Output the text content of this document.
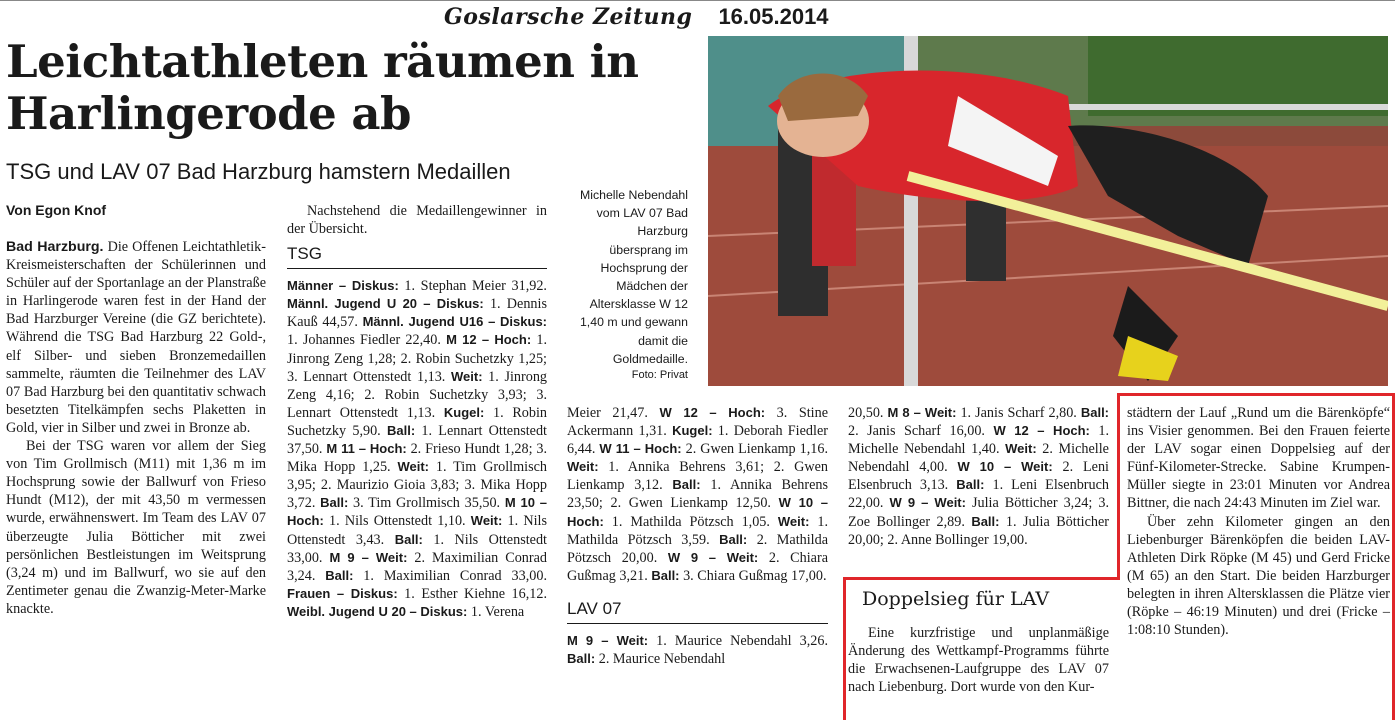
Goslarsche Zeitung 16.05.2014
Leichtathleten räumen in Harlingerode ab
TSG und LAV 07 Bad Harzburg hamstern Medaillen
Von Egon Knof

Bad Harzburg. Die Offenen Leichtathletik-Kreismeisterschaften der Schülerinnen und Schüler auf der Sportanlage an der Planstraße in Harlingerode waren fest in der Hand der Bad Harzburger Vereine (die GZ berichtete). Während die TSG Bad Harzburg 22 Gold-, elf Silber- und sieben Bronzemedaillen sammelte, räumten die Teilnehmer des LAV 07 Bad Harzburg bei den quantitativ schwach besetzten Titelkämpfen sechs Plaketten in Gold, vier in Silber und zwei in Bronze ab.

Bei der TSG waren vor allem der Sieg von Tim Grollmisch (M11) mit 1,36 m im Hochsprung sowie der Ballwurf von Frieso Hundt (M12), der mit 43,50 m vermessen wurde, erwähnenswert. Im Team des LAV 07 überzeugte Julia Bötticher mit zwei persönlichen Bestleistungen im Weitsprung (3,24 m) und im Ballwurf, wo sie auf den Zentimeter genau die Zwanzig-Meter-Marke knackte.

Nachstehend die Medaillengewinner in der Übersicht.

TSG
Männer – Diskus: 1. Stephan Meier 31,92. Männl. Jugend U 20 – Diskus: 1. Dennis Kauß 44,57. Männl. Jugend U16 – Diskus: 1. Johannes Fiedler 22,40. M 12 – Hoch: 1. Jinrong Zeng 1,28; 2. Robin Suchetzky 1,25; 3. Lennart Ottenstedt 1,13. Weit: 1. Jinrong Zeng 4,16; 2. Robin Suchetzky 3,93; 3. Lennart Ottenstedt 1,13. Kugel: 1. Robin Suchetzky 5,90. Ball: 1. Lennart Ottenstedt 37,50. M 11 – Hoch: 2. Frieso Hundt 1,28; 3. Mika Hopp 1,25. Weit: 1. Tim Grollmisch 3,95; 2. Maurizio Gioia 3,83; 3. Mika Hopp 3,72. Ball: 3. Tim Grollmisch 35,50. M 10 – Hoch: 1. Nils Ottenstedt 1,10. Weit: 1. Nils Ottenstedt 3,43. Ball: 1. Nils Ottenstedt 33,00. M 9 – Weit: 2. Maximilian Conrad 3,24. Ball: 1. Maximilian Conrad 33,00. Frauen – Diskus: 1. Esther Kiehne 16,12. Weibl. Jugend U 20 – Diskus: 1. Verena
Michelle Nebendahl vom LAV 07 Bad Harzburg übersprang im Hochsprung der Mädchen der Altersklasse W 12 1,40 m und gewann damit die Goldmedaille.
Foto: Privat
Meier 21,47. W 12 – Hoch: 3. Stine Ackermann 1,31. Kugel: 1. Deborah Fiedler 6,44. W 11 – Hoch: 2. Gwen Lienkamp 1,16. Weit: 1. Annika Behrens 3,61; 2. Gwen Lienkamp 3,12. Ball: 1. Annika Behrens 23,50; 2. Gwen Lienkamp 12,50. W 10 – Hoch: 1. Mathilda Pötzsch 1,05. Weit: 1. Mathilda Pötzsch 3,59. Ball: 2. Mathilda Pötzsch 20,00. W 9 – Weit: 2. Chiara Gußmag 3,21. Ball: 3. Chiara Gußmag 17,00.
LAV 07
M 9 – Weit: 1. Maurice Nebendahl 3,26. Ball: 2. Maurice Nebendahl
20,50. M 8 – Weit: 1. Janis Scharf 2,80. Ball: 2. Janis Scharf 16,00. W 12 – Hoch: 1. Michelle Nebendahl 1,40. Weit: 2. Michelle Nebendahl 4,00. W 10 – Weit: 2. Leni Elsenbruch 3,13. Ball: 1. Leni Elsenbruch 22,00. W 9 – Weit: Julia Bötticher 3,24; 3. Zoe Bollinger 2,89. Ball: 1. Julia Bötticher 20,00; 2. Anne Bollinger 19,00.
Doppelsieg für LAV
Eine kurzfristige und unplanmäßige Änderung des Wettkampf-Programms führte die Erwachsenen-Laufgruppe des LAV 07 nach Liebenburg. Dort wurde von den Kur-

städtern der Lauf „Rund um die Bärenköpfe“ ins Visier genommen. Bei den Frauen feierte der LAV sogar einen Doppelsieg auf der Fünf-Kilometer-Strecke. Sabine Krumpen-Müller siegte in 23:01 Minuten vor Andrea Bittner, die nach 24:43 Minuten im Ziel war.

Über zehn Kilometer gingen an den Liebenburger Bärenköpfen die beiden LAV-Athleten Dirk Röpke (M 45) und Gerd Fricke (M 65) an den Start. Die beiden Harzburger belegten in ihren Altersklassen die Plätze vier (Röpke – 46:19 Minuten) und drei (Fricke – 1:08:10 Stunden).
